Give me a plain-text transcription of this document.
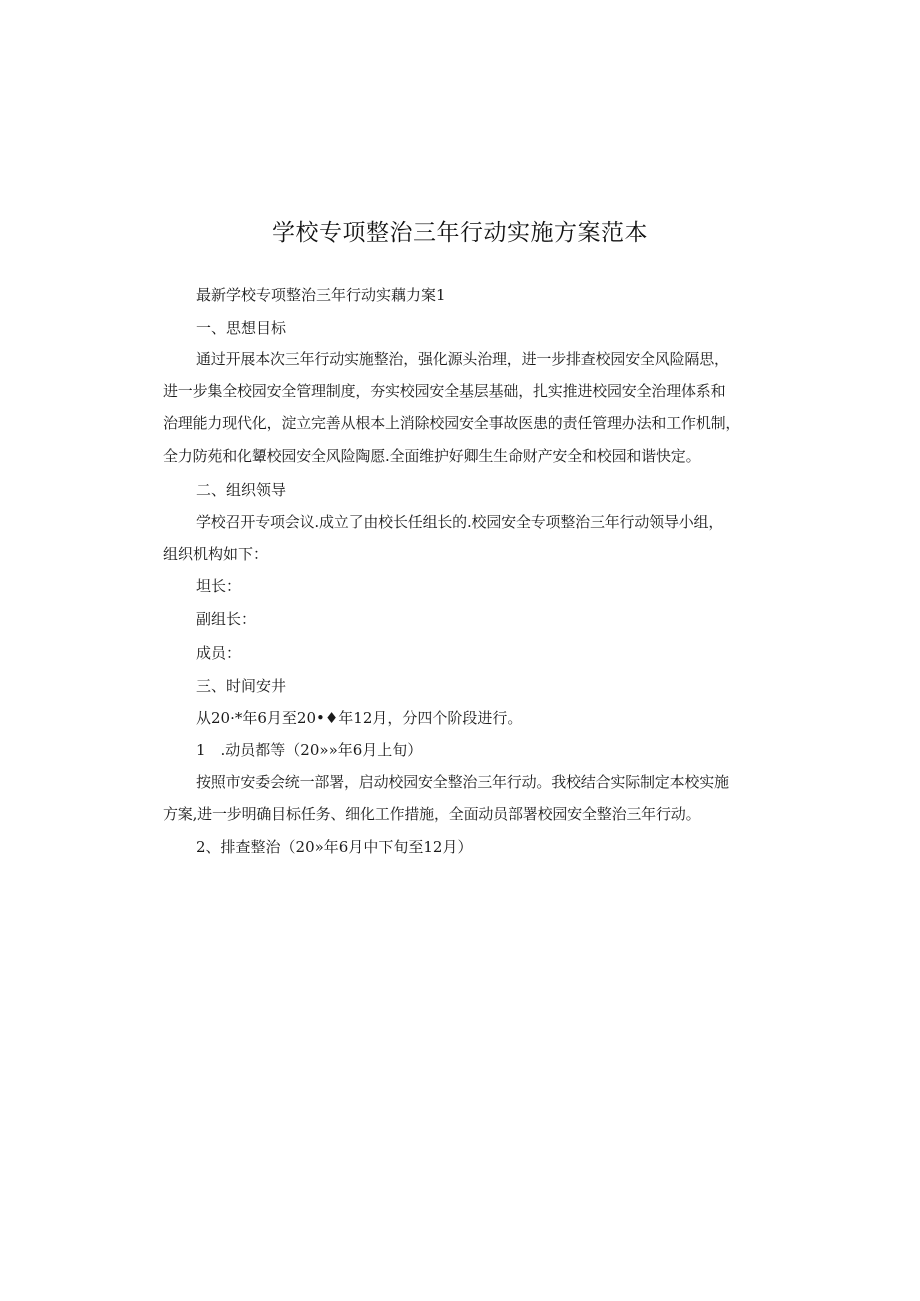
学校专项整治三年行动实施方案范本

最新学校专项整治三年行动实藕力案1

一、思想目标

通过开展本次三年行动实施整治，强化源头治理，进一步排查校园安全风险隔思，

进一步集全校园安全管理制度，夯实校园安全基层基础，扎实推进校园安全治理体系和

治理能力现代化，淀立完善从根本上消除校园安全事故医患的责任管理办法和工作机制，

全力防苑和化顰校园安全风险陶愿.全面维护好卿生生命财产安全和校园和谐快定。

二、组织领导

学校召开专项会议.成立了由校长任组长的.校园安全专项整治三年行动领导小组，

组织机构如下：

坦长：

副组长：

成员：

三、时间安井

从20·*年6月至20•♦年12月，分四个阶段进行。

1　.动员都等（20»»年6月上旬）

按照市安委会统一部署，启动校园安全整治三年行动。我校结合实际制定本校实施

方案,进一步明确目标任务、细化工作措施，全面动员部署校园安全整治三年行动。

2、排查整治（20»年6月中下旬至12月）
